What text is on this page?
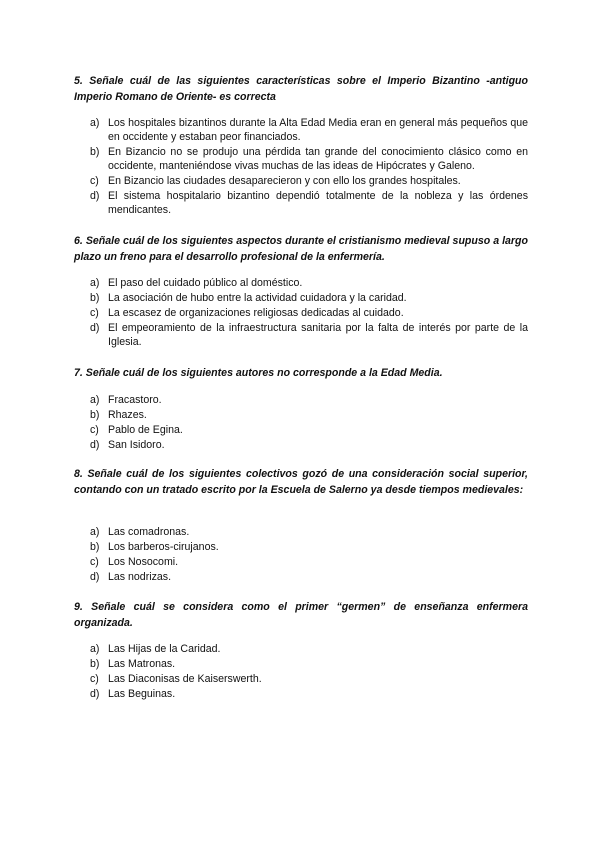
5. Señale cuál de las siguientes características sobre el Imperio Bizantino -antiguo Imperio Romano de Oriente- es correcta

a) Los hospitales bizantinos durante la Alta Edad Media eran en general más pequeños que en occidente y estaban peor financiados.
b) En Bizancio no se produjo una pérdida tan grande del conocimiento clásico como en occidente, manteniéndose vivas muchas de las ideas de Hipócrates y Galeno.
c) En Bizancio las ciudades desaparecieron y con ello los grandes hospitales.
d) El sistema hospitalario bizantino dependió totalmente de la nobleza y las órdenes mendicantes.

6. Señale cuál de los siguientes aspectos durante el cristianismo medieval supuso a largo plazo un freno para el desarrollo profesional de la enfermería.

a) El paso del cuidado público al doméstico.
b) La asociación de hubo entre la actividad cuidadora y la caridad.
c) La escasez de organizaciones religiosas dedicadas al cuidado.
d) El empeoramiento de la infraestructura sanitaria por la falta de interés por parte de la Iglesia.

7. Señale cuál de los siguientes autores no corresponde a la Edad Media.

a) Fracastoro.
b) Rhazes.
c) Pablo de Egina.
d) San Isidoro.

8. Señale cuál de los siguientes colectivos gozó de una consideración social superior, contando con un tratado escrito por la Escuela de Salerno ya desde tiempos medievales:

a) Las comadronas.
b) Los barberos-cirujanos.
c) Los Nosocomi.
d) Las nodrizas.

9. Señale cuál se considera como el primer “germen” de enseñanza enfermera organizada.

a) Las Hijas de la Caridad.
b) Las Matronas.
c) Las Diaconisas de Kaiserswerth.
d) Las Beguinas.
